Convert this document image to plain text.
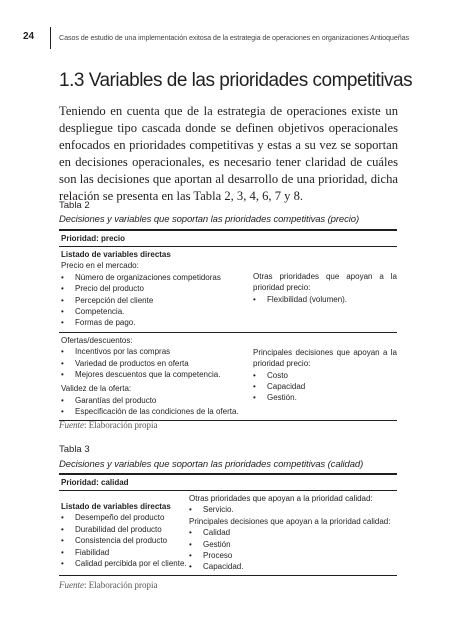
24	Casos de estudio de una implementación exitosa de la estrategia de operaciones en organizaciones Antioqueñas
1.3 Variables de las prioridades competitivas
Teniendo en cuenta que de la estrategia de operaciones existe un despliegue tipo cascada donde se definen objetivos operacionales enfocados en prioridades competitivas y estas a su vez se soportan en decisiones operacionales, es necesario tener claridad de cuáles son las decisiones que aportan al desarrollo de una prioridad, dicha relación se presenta en las Tabla 2, 3, 4, 6, 7 y 8.
Tabla 2
Decisiones y variables que soportan las prioridades competitivas (precio)
Prioridad: precio
Listado de variables directas
Precio en el mercado:
• Número de organizaciones competidoras
• Precio del producto
• Percepción del cliente
• Competencia.
• Formas de pago.
Otras prioridades que apoyan a la prioridad precio:
• Flexibilidad (volumen).
Ofertas/descuentos:
• Incentivos por las compras
• Variedad de productos en oferta
• Mejores descuentos que la competencia.
Validez de la oferta:
• Garantías del producto
• Especificación de las condiciones de la oferta.
Principales decisiones que apoyan a la prioridad precio:
• Costo
• Capacidad
• Gestión.
Fuente: Elaboración propia
Tabla 3
Decisiones y variables que soportan las prioridades competitivas (calidad)
Prioridad: calidad
Listado de variables directas
• Desempeño del producto
• Durabilidad del producto
• Consistencia del producto
• Fiabilidad
• Calidad percibida por el cliente.
Otras prioridades que apoyan a la prioridad calidad:
• Servicio.
Principales decisiones que apoyan a la prioridad calidad:
• Calidad
• Gestión
• Proceso
• Capacidad.
Fuente: Elaboración propia
